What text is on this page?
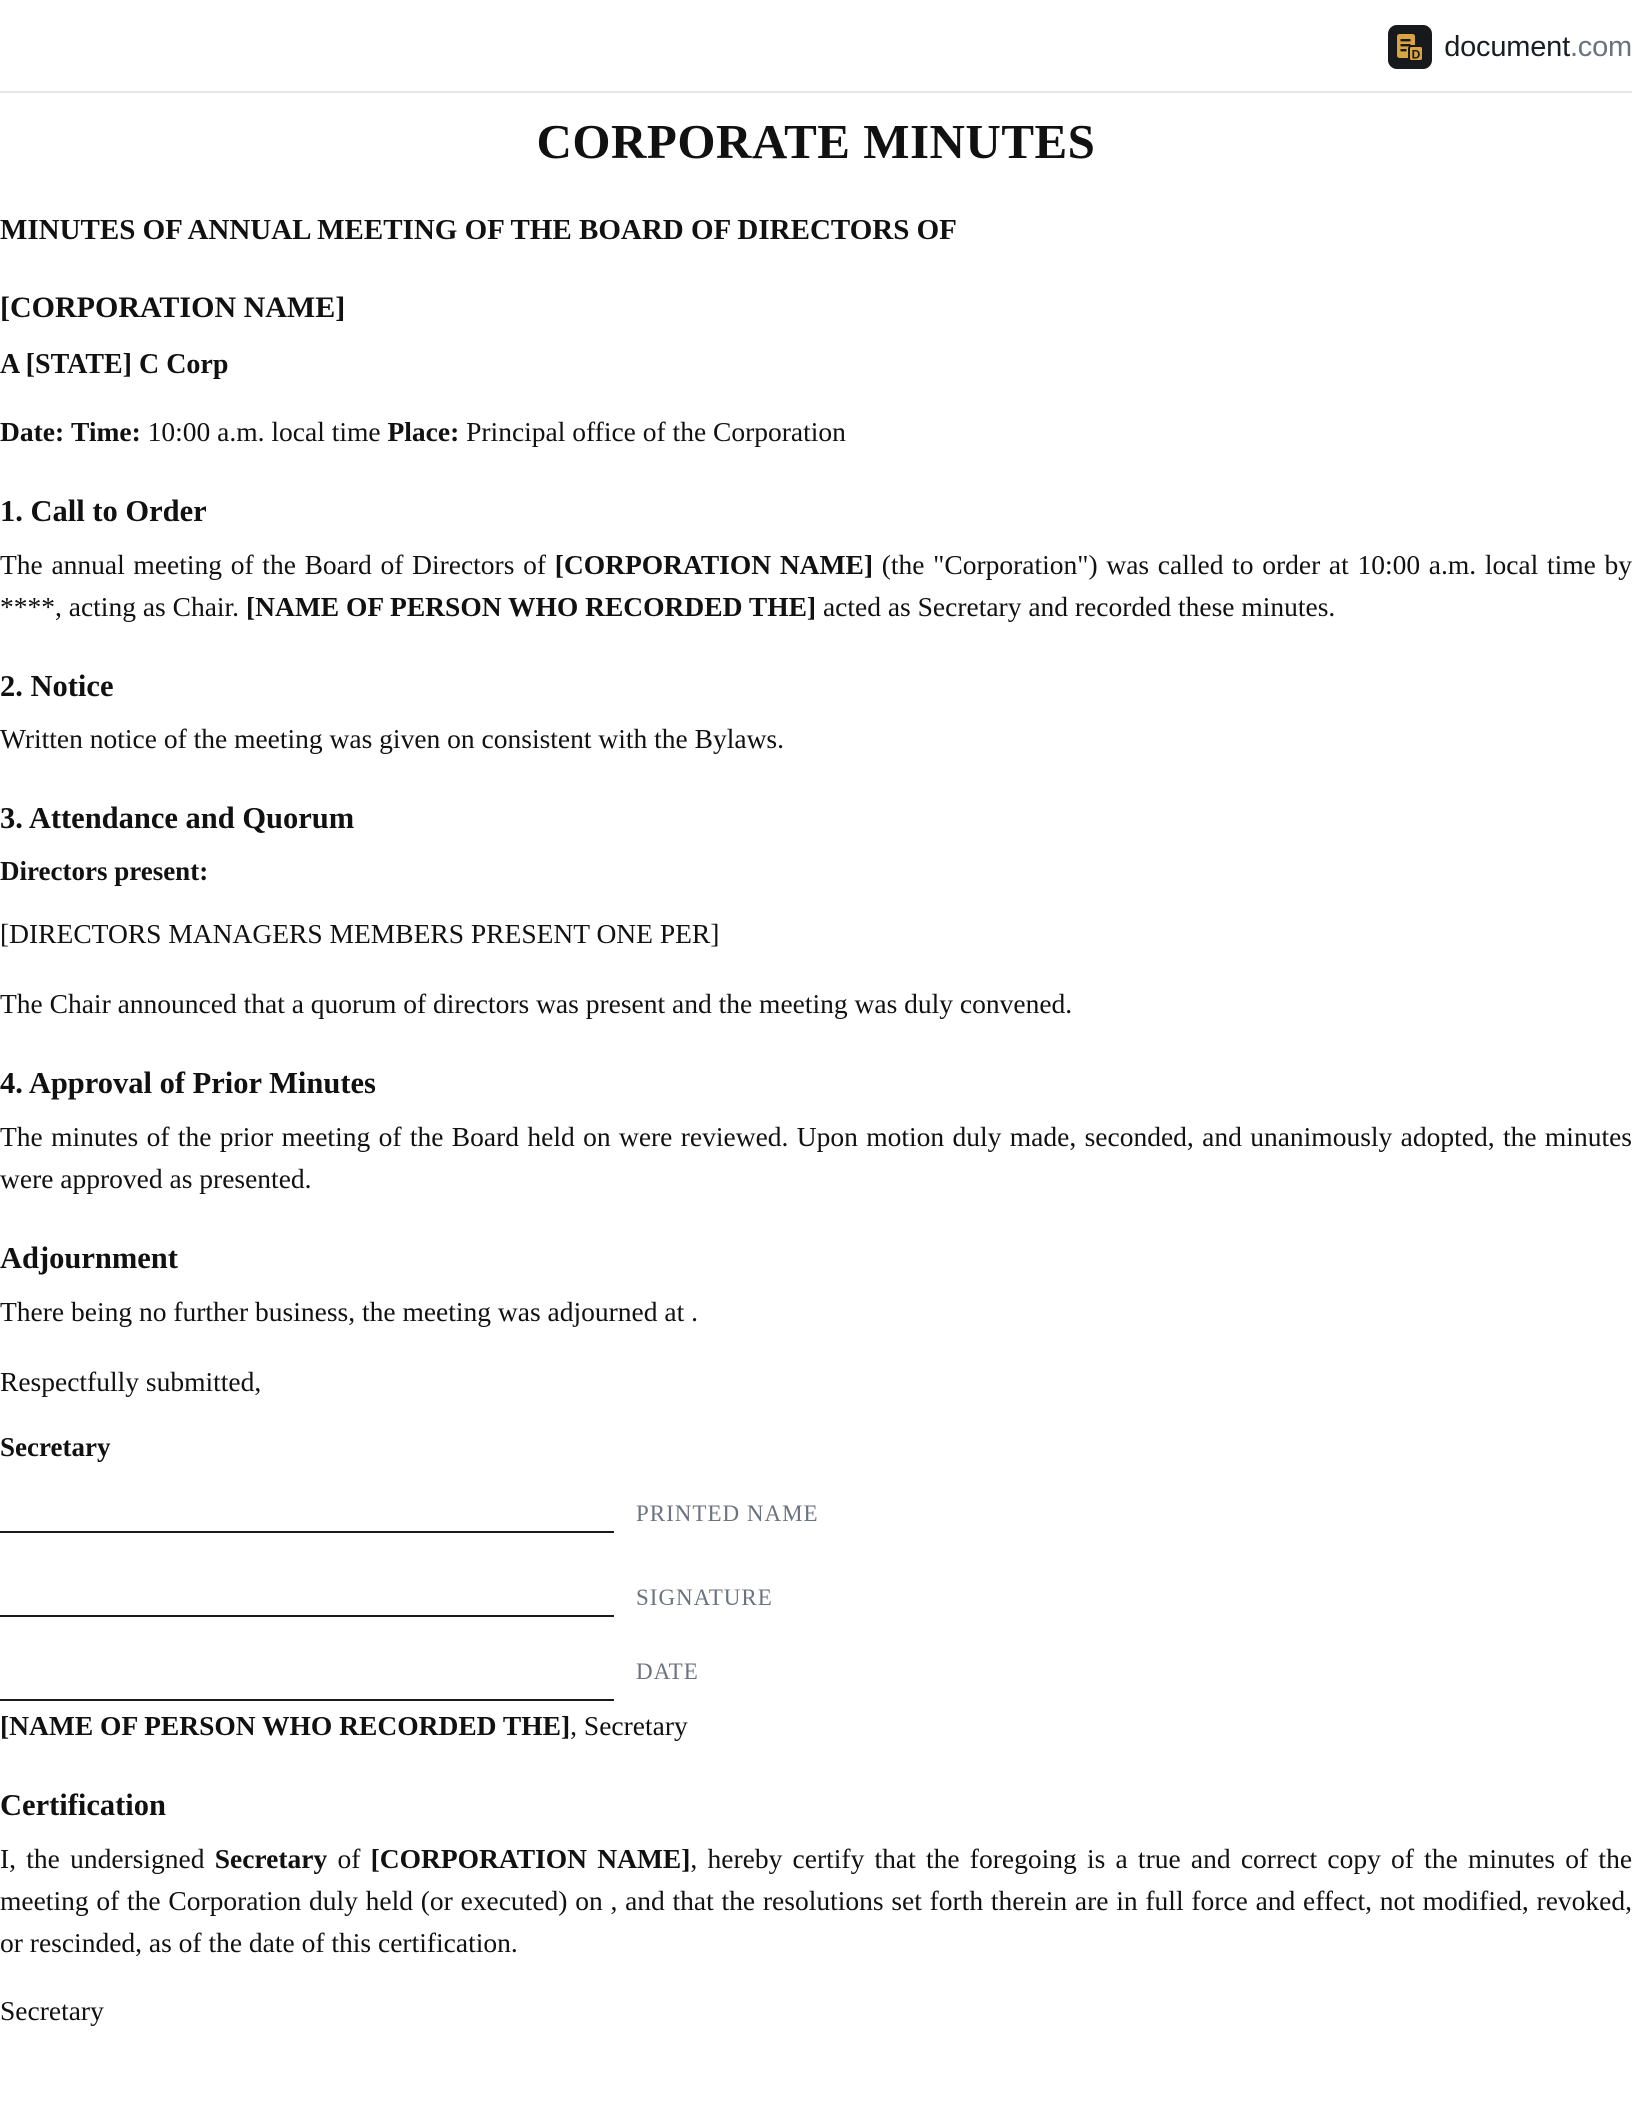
D document.com
CORPORATE MINUTES
MINUTES OF ANNUAL MEETING OF THE BOARD OF DIRECTORS OF
[CORPORATION NAME]
A [STATE] C Corp

Date: Time: 10:00 a.m. local time Place: Principal office of the Corporation

1. Call to Order

The annual meeting of the Board of Directors of [CORPORATION NAME] (the "Corporation") was called to order at 10:00 a.m. local time by ****, acting as Chair. [NAME OF PERSON WHO RECORDED THE] acted as Secretary and recorded these minutes.

2. Notice

Written notice of the meeting was given on consistent with the Bylaws.

3. Attendance and Quorum
Directors present:

[DIRECTORS MANAGERS MEMBERS PRESENT ONE PER]

The Chair announced that a quorum of directors was present and the meeting was duly convened.

4. Approval of Prior Minutes

The minutes of the prior meeting of the Board held on were reviewed. Upon motion duly made, seconded, and unanimously adopted, the minutes were approved as presented.

Adjournment

There being no further business, the meeting was adjourned at .

Respectfully submitted,

Secretary
PRINTED NAME
SIGNATURE
DATE

[NAME OF PERSON WHO RECORDED THE], Secretary

Certification

I, the undersigned Secretary of [CORPORATION NAME], hereby certify that the foregoing is a true and correct copy of the minutes of the meeting of the Corporation duly held (or executed) on , and that the resolutions set forth therein are in full force and effect, not modified, revoked, or rescinded, as of the date of this certification.

Secretary
